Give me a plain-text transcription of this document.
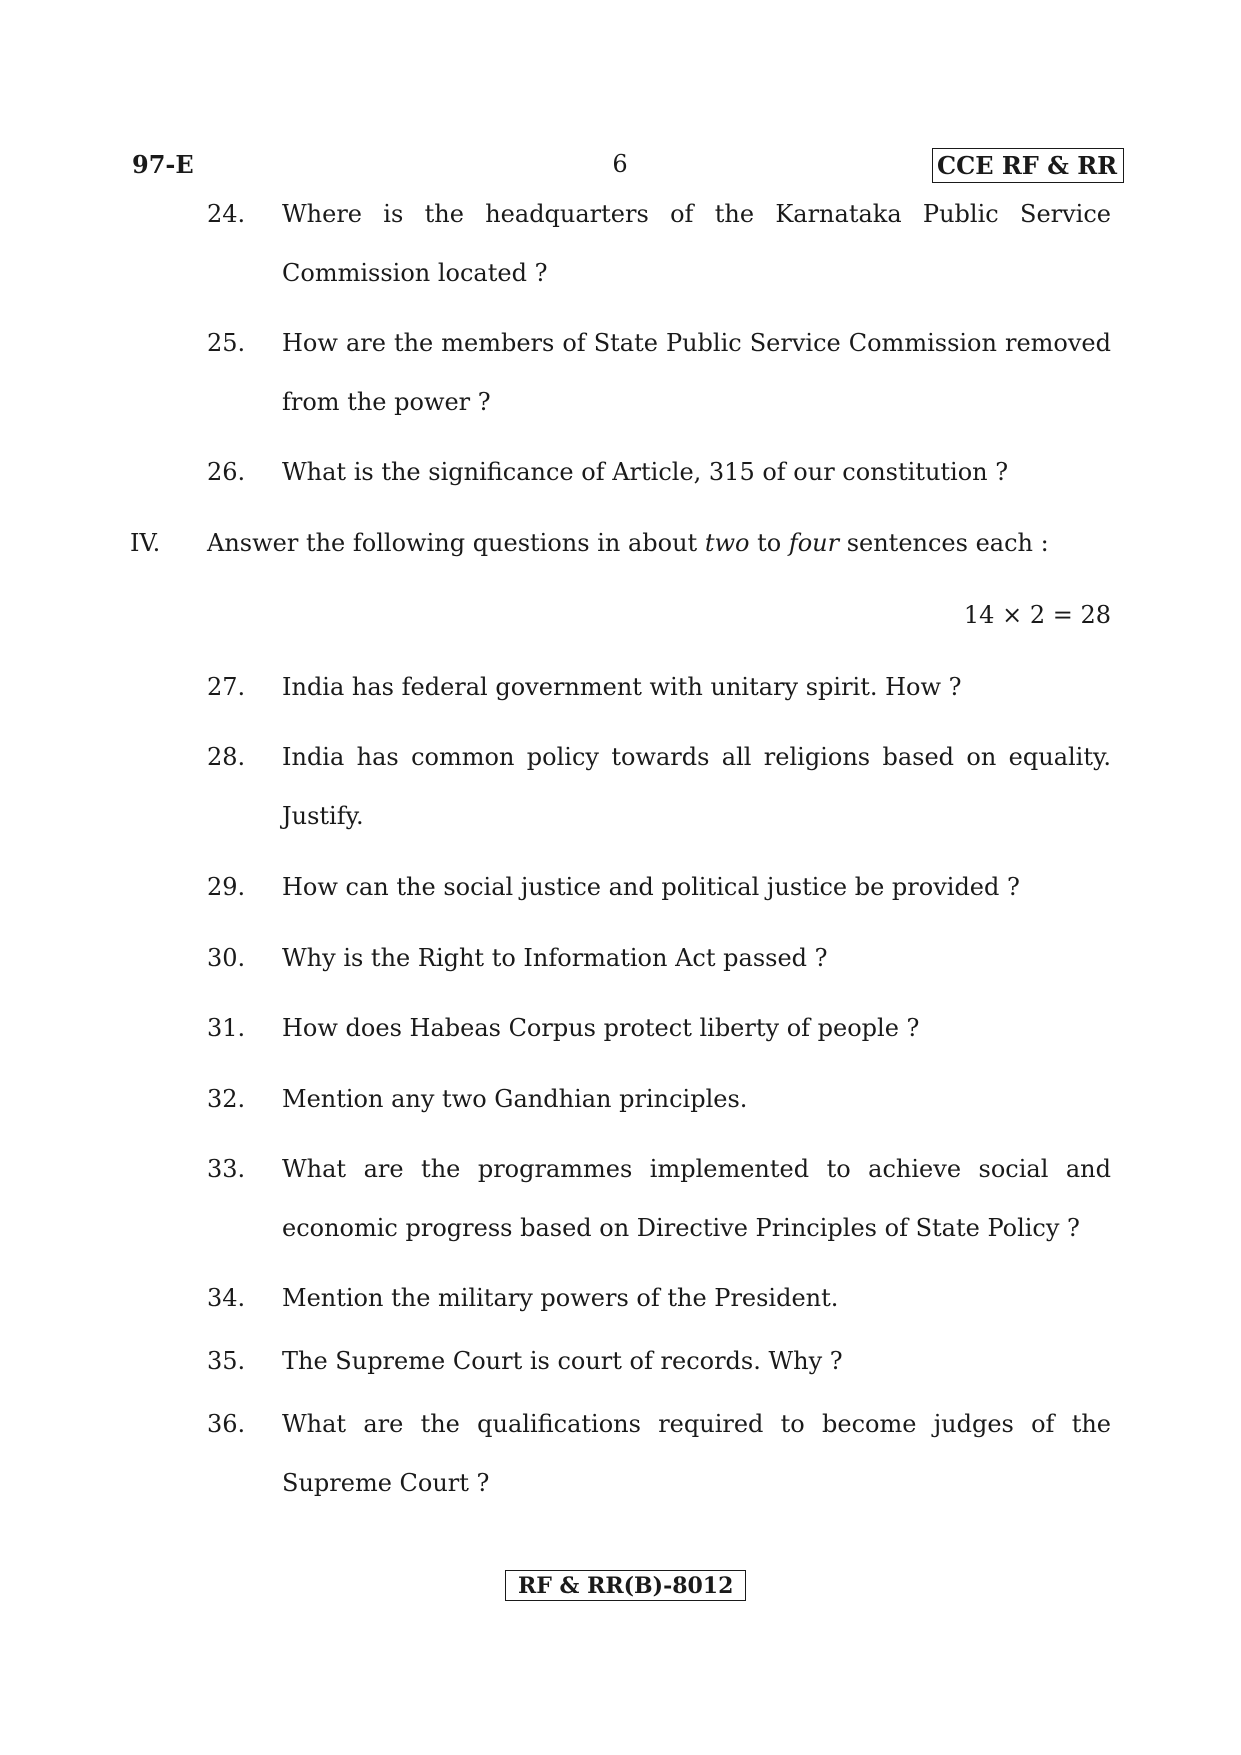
97-E	6	CCE RF & RR
24.	Where is the headquarters of the Karnataka Public Service
Commission located ?
25.	How are the members of State Public Service Commission removed
from the power ?
26.	What is the significance of Article, 315 of our constitution ?
IV. Answer the following questions in about two to four sentences each :
14 × 2 = 28
27.	India has federal government with unitary spirit. How ?
28.	India has common policy towards all religions based on equality.
Justify.
29.	How can the social justice and political justice be provided ?
30.	Why is the Right to Information Act passed ?
31.	How does Habeas Corpus protect liberty of people ?
32.	Mention any two Gandhian principles.
33.	What are the programmes implemented to achieve social and
economic progress based on Directive Principles of State Policy ?
34.	Mention the military powers of the President.
35.	The Supreme Court is court of records. Why ?
36.	What are the qualifications required to become judges of the
Supreme Court ?
RF & RR(B)-8012
